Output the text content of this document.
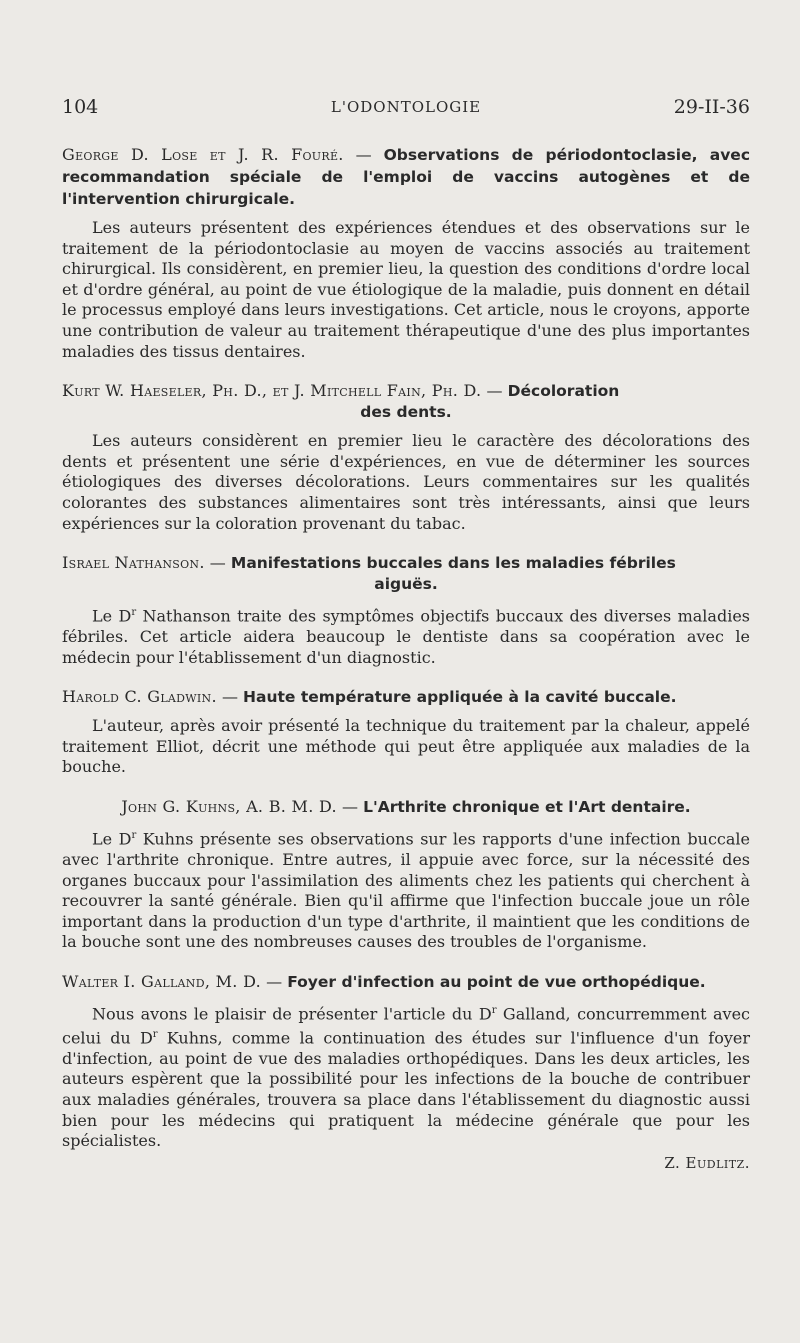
104	L'ODONTOLOGIE	29-II-36
George D. Lose et J. R. Fouré. — Observations de périodontoclasie, avec recommandation spéciale de l'emploi de vaccins autogènes et de l'intervention chirurgicale.
Les auteurs présentent des expériences étendues et des observations sur le traitement de la périodontoclasie au moyen de vaccins associés au traitement chirurgical. Ils considèrent, en premier lieu, la question des conditions d'ordre local et d'ordre général, au point de vue étiologique de la maladie, puis donnent en détail le processus employé dans leurs investigations. Cet article, nous le croyons, apporte une contribution de valeur au traitement thérapeutique d'une des plus importantes maladies des tissus dentaires.
Kurt W. Haeseler, Ph. D., et J. Mitchell Fain, Ph. D. — Décoloration
des dents.
Les auteurs considèrent en premier lieu le caractère des décolorations des dents et présentent une série d'expériences, en vue de déterminer les sources étiologiques des diverses décolorations. Leurs commentaires sur les qualités colorantes des substances alimentaires sont très intéressants, ainsi que leurs expériences sur la coloration provenant du tabac.
Israel Nathanson. — Manifestations buccales dans les maladies fébriles
aiguës.
Le $D^r$ Nathanson traite des symptômes objectifs buccaux des diverses maladies fébriles. Cet article aidera beaucoup le dentiste dans sa coopération avec le médecin pour l'établissement d'un diagnostic.
Harold C. Gladwin. — Haute température appliquée à la cavité buccale.
L'auteur, après avoir présenté la technique du traitement par la chaleur, appelé traitement Elliot, décrit une méthode qui peut être appliquée aux maladies de la bouche.
John G. Kuhns, A. B. M. D. — L'Arthrite chronique et l'Art dentaire.
Le $D^r$ Kuhns présente ses observations sur les rapports d'une infection buccale avec l'arthrite chronique. Entre autres, il appuie avec force, sur la nécessité des organes buccaux pour l'assimilation des aliments chez les patients qui cherchent à recouvrer la santé générale. Bien qu'il affirme que l'infection buccale joue un rôle important dans la production d'un type d'arthrite, il maintient que les conditions de la bouche sont une des nombreuses causes des troubles de l'organisme.
Walter I. Galland, M. D. — Foyer d'infection au point de vue orthopédique.
Nous avons le plaisir de présenter l'article du $D^r$ Galland, concurremment avec celui du $D^r$ Kuhns, comme la continuation des études sur l'influence d'un foyer d'infection, au point de vue des maladies orthopédiques. Dans les deux articles, les auteurs espèrent que la possibilité pour les infections de la bouche de contribuer aux maladies générales, trouvera sa place dans l'établissement du diagnostic aussi bien pour les médecins qui pratiquent la médecine générale que pour les spécialistes.
Z. Eudlitz.
